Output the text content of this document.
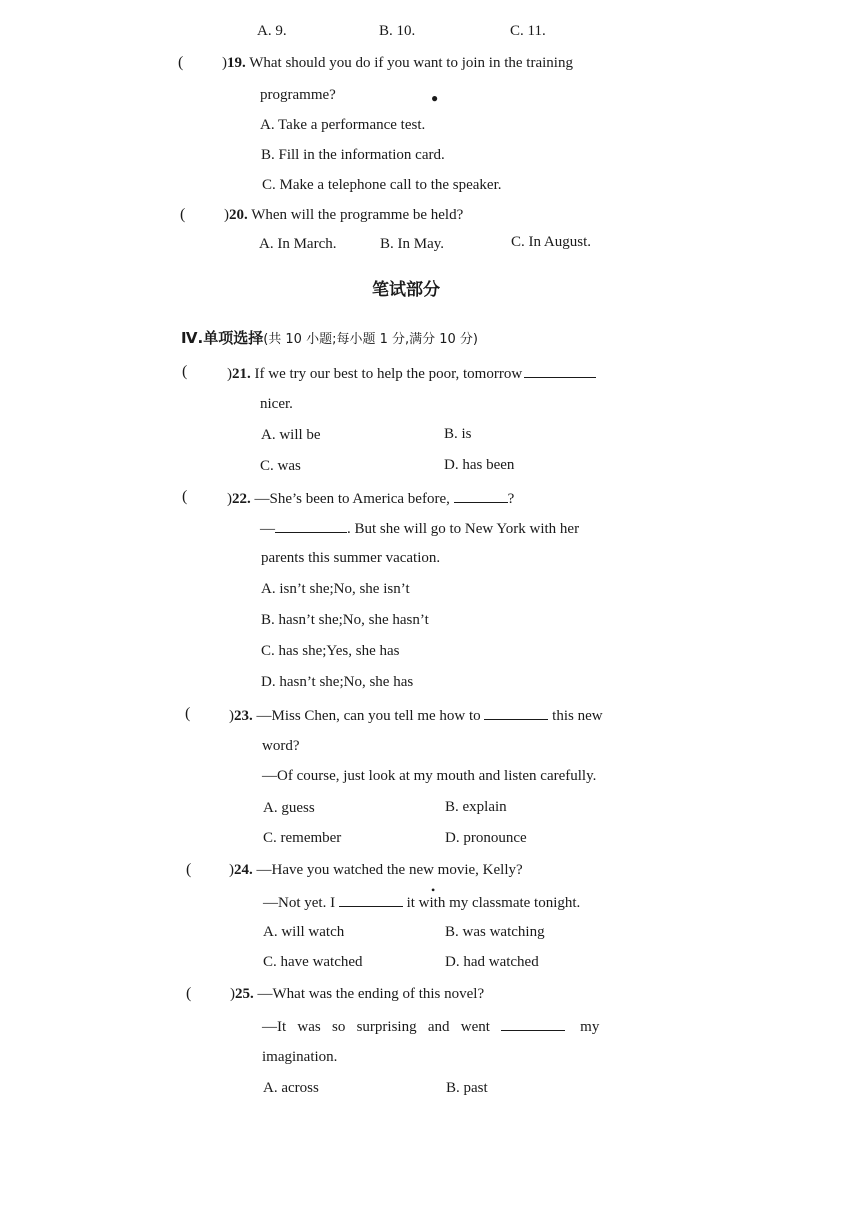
A. 9.	B. 10.	C. 11.
(	)19. What should you do if you want to join in the training
programme?	●
A. Take a performance test.
B. Fill in the information card.
C. Make a telephone call to the speaker.
(	)20. When will the programme be held?
A. In March.	B. In May.	C. In August.
笔试部分
Ⅳ.单项选择(共 10 小题;每小题 1 分,满分 10 分)
(	)21. If we try our best to help the poor, tomorrow
nicer.
A. will be	B. is
C. was	D. has been
(	)22. —She’s been to America before,	?
—	. But she will go to New York with her
parents this summer vacation.
A. isn’t she;No, she isn’t
B. hasn’t she;No, she hasn’t
C. has she;Yes, she has
D. hasn’t she;No, she has
(	)23. —Miss Chen, can you tell me how to	this new
word?
—Of course, just look at my mouth and listen carefully.
A. guess	B. explain
C. remember	D. pronounce
(	)24. —Have you watched the new movie, Kelly?
—Not yet. I	it with my classmate tonight.
•
A. will watch	B. was watching
C. have watched	D. had watched
(	)25. —What was the ending of this novel?
—It   was   so   surprising   and   went	my
imagination.
A. across	B. past
